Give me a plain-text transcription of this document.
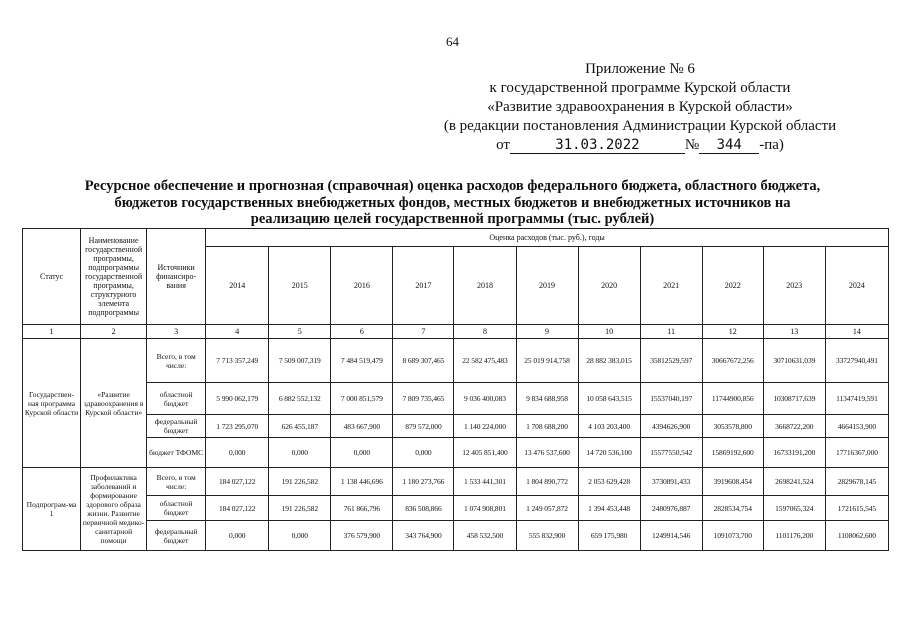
64
Приложение № 6
к государственной программе Курской области
«Развитие здравоохранения в Курской области»
(в редакции постановления Администрации Курской области
от	31.03.2022	№ 344 -па)
Ресурсное обеспечение и прогнозная (справочная) оценка расходов федерального бюджета, областного бюджета,
бюджетов государственных внебюджетных фондов, местных бюджетов и внебюджетных источников на
реализацию целей государственной программы (тыс. рублей)
Статус	Наименование государственной программы, подпрограммы государственной программы, структурного элемента подпрограммы	Источники финансиро-вания	Оценка расходов (тыс. руб.), годы										
			2014	2015	2016	2017	2018	2019	2020	2021	2022	2023	2024
1	2	3	4	5	6	7	8	9	10	11	12	13	14
Государствен-ная программа Курской области	«Развитие здравоохранения в Курской области»	Всего, в том числе:	7 713 357,249	7 509 007,319	7 484 519,479	8 689 307,465	22 582 475,483	25 019 914,758	28 882 383,015	35812529,597	30667672,256	30710631,039	33727940,491
		областной бюджет	5 990 062,179	6 882 552,132	7 000 851,579	7 809 735,465	9 036 400,083	9 834 688,958	10 058 643,515	15537040,197	11744900,856	10308717,639	11347419,591
		федеральный бюджет	1 723 295,070	626 455,187	483 667,900	879 572,000	1 140 224,000	1 708 688,200	4 103 203,400	4394626,900	3053578,800	3668722,200	4664153,900
		бюджет ТФОМС	0,000	0,000	0,000	0,000	12 405 851,400	13 476 537,600	14 720 536,100	15577550,542	15869192,600	16733191,200	17716367,000
Подпрограм-ма 1	Профилактика заболеваний и формирование здорового образа жизни. Развитие первичной медико-санитарной помощи	Всего, в том числе:	184 027,122	191 226,582	1 138 446,696	1 180 273,766	1 533 441,301	1 804 890,772	2 053 629,428	3730891,433	3919608,454	2698241,524	2829678,145
		областной бюджет	184 027,122	191 226,582	761 866,796	836 508,866	1 074 908,801	1 249 057,872	1 394 453,448	2480976,887	2828534,754	1597065,324	1721615,545
		федеральный бюджет	0,000	0,000	376 579,900	343 764,900	458 532,500	555 832,900	659 175,980	1249914,546	1091073,700	1101176,200	1108062,600
